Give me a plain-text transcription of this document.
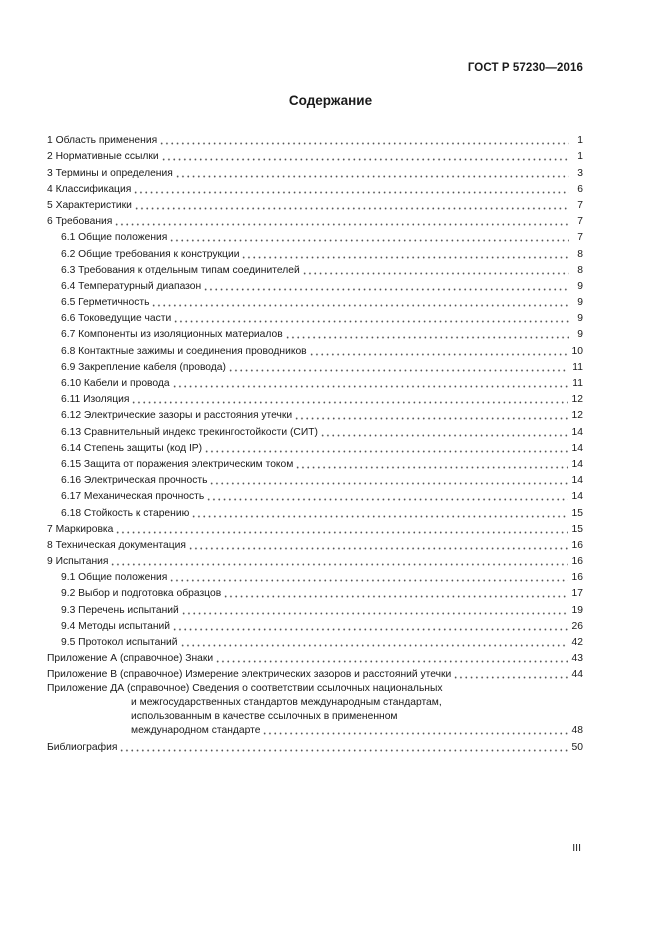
ГОСТ Р 57230—2016
Содержание
1 Область применения	1
2 Нормативные ссылки	1
3 Термины и определения	3
4 Классификация	6
5 Характеристики	7
6 Требования	7
6.1 Общие положения	7
6.2 Общие требования к конструкции	8
6.3 Требования к отдельным типам соединителей	8
6.4 Температурный диапазон	9
6.5 Герметичность	9
6.6 Токоведущие части	9
6.7 Компоненты из изоляционных материалов	9
6.8 Контактные зажимы и соединения проводников	10
6.9 Закрепление кабеля (провода)	11
6.10 Кабели и провода	11
6.11 Изоляция	12
6.12 Электрические зазоры и расстояния утечки	12
6.13 Сравнительный индекс трекингостойкости (СИТ)	14
6.14 Степень защиты (код IP)	14
6.15 Защита от поражения электрическим током	14
6.16 Электрическая прочность	14
6.17 Механическая прочность	14
6.18 Стойкость к старению	15
7 Маркировка	15
8 Техническая документация	16
9 Испытания	16
9.1 Общие положения	16
9.2 Выбор и подготовка образцов	17
9.3 Перечень испытаний	19
9.4 Методы испытаний	26
9.5 Протокол испытаний	42
Приложение А (справочное) Знаки	43
Приложение В (справочное) Измерение электрических зазоров и расстояний утечки	44
Приложение ДА (справочное) Сведения о соответствии ссылочных национальных
и межгосударственных стандартов международным стандартам,
использованным в качестве ссылочных в примененном
международном стандарте	48
Библиография	50
III
